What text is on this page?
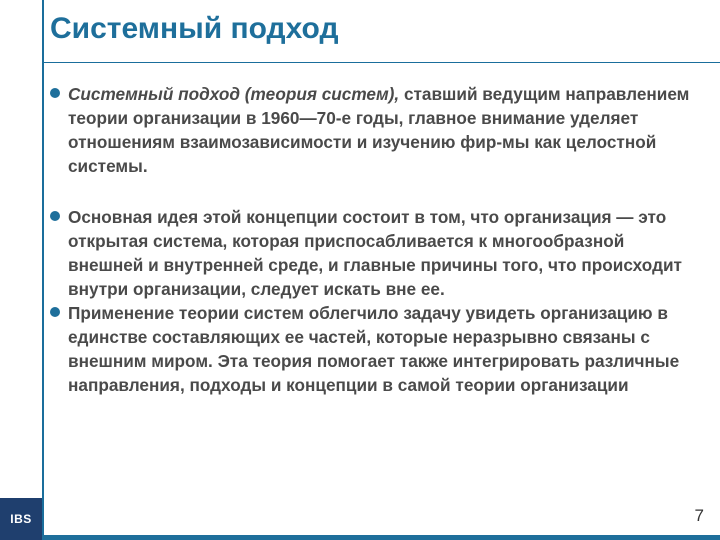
Системный подход
Системный подход (теория систем), ставший ведущим направлением теории организации в 1960—70-е годы, главное внимание уделяет отношениям взаимозависимости и изучению фир-мы как целостной системы.
Основная идея этой концепции состоит в том, что организация — это открытая система, которая приспосабливается к многообразной внешней и внутренней среде, и главные причины того, что происходит внутри организации, следует искать вне ее.
Применение теории систем облегчило задачу увидеть организацию в единстве составляющих ее частей, которые неразрывно связаны с внешним миром. Эта теория помогает также интегрировать различные направления, подходы и концепции в самой теории организации
IBS	7
